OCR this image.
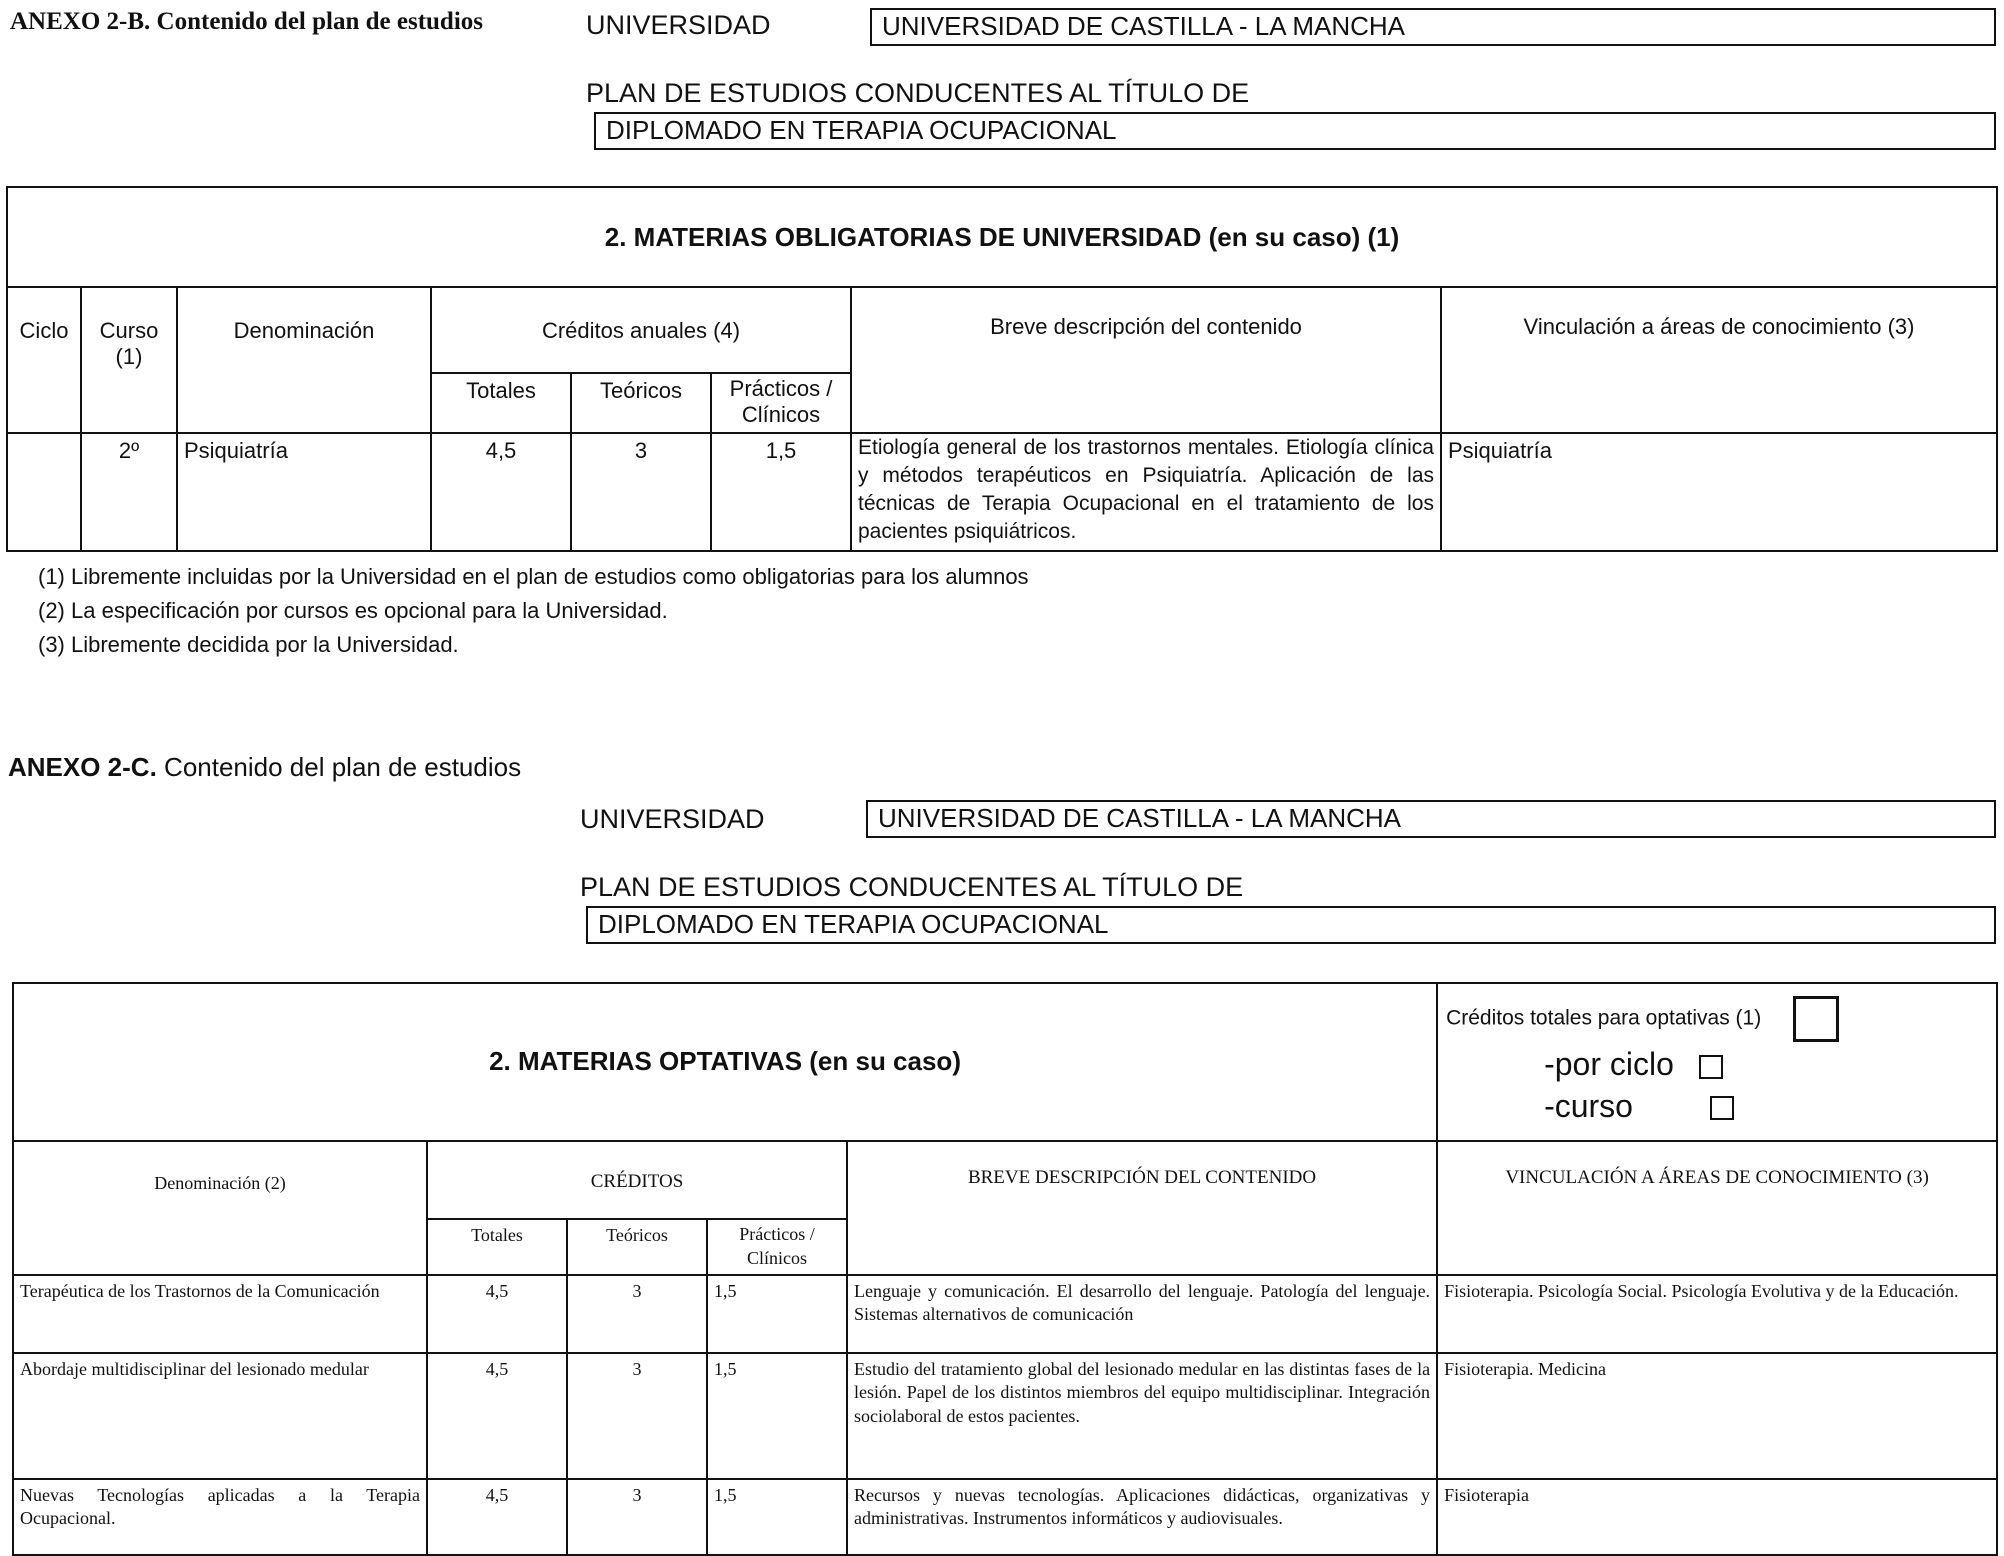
ANEXO 2-B. Contenido del plan de estudios	UNIVERSIDAD	UNIVERSIDAD DE CASTILLA - LA MANCHA
PLAN DE ESTUDIOS CONDUCENTES AL TÍTULO DE
DIPLOMADO EN TERAPIA OCUPACIONAL
2. MATERIAS OBLIGATORIAS DE UNIVERSIDAD (en su caso) (1)							
Ciclo	Curso (1)	Denominación	Créditos anuales (4)			Breve descripción del contenido	Vinculación a áreas de conocimiento (3)
			Totales	Teóricos	Prácticos / Clínicos		
	2º	Psiquiatría	4,5	3	1,5	Etiología general de los trastornos mentales. Etiología clínica y métodos terapéuticos en Psiquiatría. Aplicación de las técnicas de Terapia Ocupacional en el tratamiento de los pacientes psiquiátricos.	Psiquiatría
(1) Libremente incluidas por la Universidad en el plan de estudios como obligatorias para los alumnos
(2) La especificación por cursos es opcional para la Universidad.
(3) Libremente decidida por la Universidad.
ANEXO 2-C. Contenido del plan de estudios
UNIVERSIDAD	UNIVERSIDAD DE CASTILLA - LA MANCHA
PLAN DE ESTUDIOS CONDUCENTES AL TÍTULO DE
DIPLOMADO EN TERAPIA OCUPACIONAL
2. MATERIAS OPTATIVAS (en su caso)					Créditos totales para optativas (1)
-por ciclo
-curso

Denominación (2)	CRÉDITOS			BREVE DESCRIPCIÓN DEL CONTENIDO	VINCULACIÓN A ÁREAS DE CONOCIMIENTO (3)
	Totales	Teóricos	Prácticos / Clínicos		
Terapéutica de los Trastornos de la Comunicación	4,5	3	1,5	Lenguaje y comunicación. El desarrollo del lenguaje. Patología del lenguaje. Sistemas alternativos de comunicación	Fisioterapia. Psicología Social. Psicología Evolutiva y de la Educación.
Abordaje multidisciplinar del lesionado medular	4,5	3	1,5	Estudio del tratamiento global del lesionado medular en las distintas fases de la lesión. Papel de los distintos miembros del equipo multidisciplinar. Integración sociolaboral de estos pacientes.	Fisioterapia. Medicina
Nuevas Tecnologías aplicadas a la Terapia Ocupacional.	4,5	3	1,5	Recursos y nuevas tecnologías. Aplicaciones didácticas, organizativas y administrativas. Instrumentos informáticos y audiovisuales.	Fisioterapia
